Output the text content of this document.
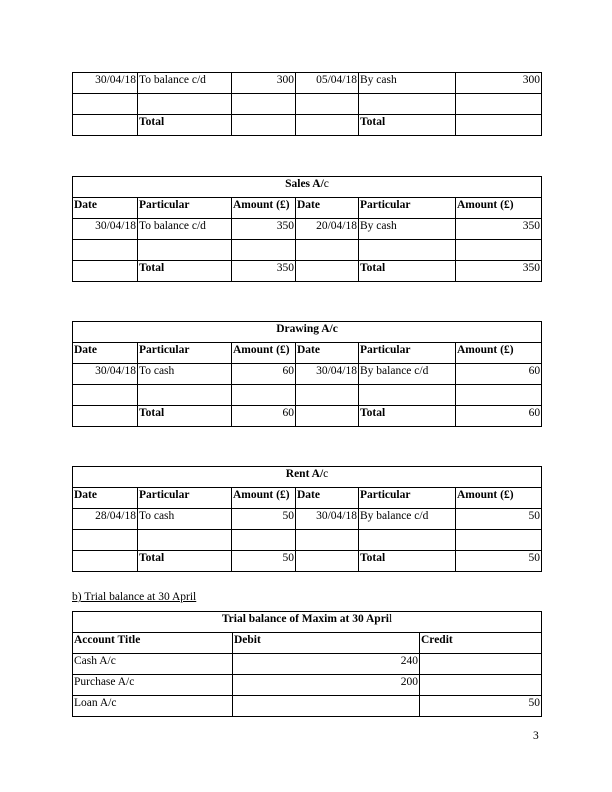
30/04/18	To balance c/d	300	05/04/18	By cash	300

	Total			Total	
Sales A/c					
Date	Particular	Amount (£)	Date	Particular	Amount (£)
30/04/18	To balance c/d	350	20/04/18	By cash	350

	Total	350		Total	350
Drawing A/c					
Date	Particular	Amount (£)	Date	Particular	Amount (£)
30/04/18	To cash	60	30/04/18	By balance c/d	60

	Total	60		Total	60
Rent A/c					
Date	Particular	Amount (£)	Date	Particular	Amount (£)
28/04/18	To cash	50	30/04/18	By balance c/d	50

	Total	50		Total	50
b) Trial balance at 30 April
Trial balance of Maxim at 30 April		
Account Title	Debit	Credit
Cash A/c	240	
Purchase A/c	200	
Loan A/c		50
3
